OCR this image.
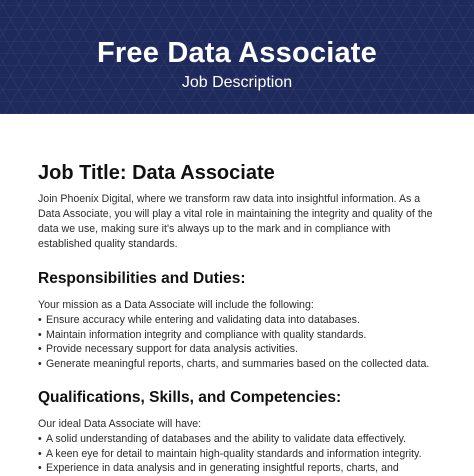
Free Data Associate
Job Description
Job Title: Data Associate

Join Phoenix Digital, where we transform raw data into insightful information. As a Data Associate, you will play a vital role in maintaining the integrity and quality of the data we use, making sure it's always up to the mark and in compliance with established quality standards.

Responsibilities and Duties:

Your mission as a Data Associate will include the following:

• Ensure accuracy while entering and validating data into databases.
• Maintain information integrity and compliance with quality standards.
• Provide necessary support for data analysis activities.
• Generate meaningful reports, charts, and summaries based on the collected data.
Qualifications, Skills, and Competencies:

Our ideal Data Associate will have:

• A solid understanding of databases and the ability to validate data effectively.
• A keen eye for detail to maintain high-quality standards and information integrity.
• Experience in data analysis and in generating insightful reports, charts, and
